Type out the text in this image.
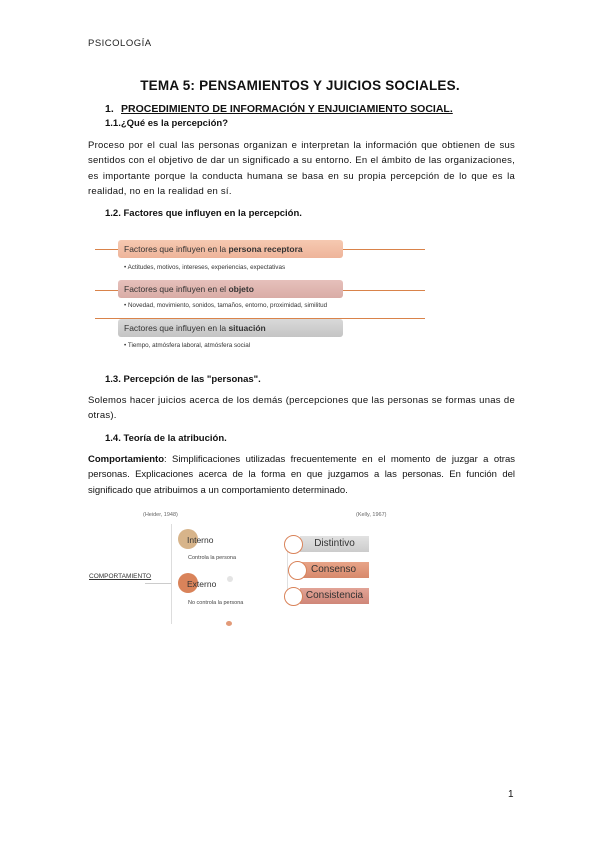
PSICOLOGÍA
TEMA 5: PENSAMIENTOS Y JUICIOS SOCIALES.
1. PROCEDIMIENTO DE INFORMACIÓN Y ENJUICIAMIENTO SOCIAL.
1.1.¿Qué es la percepción?
Proceso por el cual las personas organizan e interpretan la información que obtienen de sus sentidos con el objetivo de dar un significado a su entorno. En el ámbito de las organizaciones, es importante porque la conducta humana se basa en su propia percepción de lo que es la realidad, no en la realidad en sí.
1.2. Factores que influyen en la percepción.
Factores que influyen en la persona receptora
• Actitudes, motivos, intereses, experiencias, expectativas
Factores que influyen en el objeto
• Novedad, movimiento, sonidos, tamaños, entorno, proximidad, similitud
Factores que influyen en la situación
• Tiempo, atmósfera laboral, atmósfera social
1.3. Percepción de las "personas".
Solemos hacer juicios acerca de los demás (percepciones que las personas se formas unas de otras).
1.4. Teoría de la atribución.
Comportamiento: Simplificaciones utilizadas frecuentemente en el momento de juzgar a otras personas. Explicaciones acerca de la forma en que juzgamos a las personas. En función del significado que atribuimos a un comportamiento determinado.
(Heider, 1948)	(Kelly, 1967)
COMPORTAMIENTO
Interno
Controla la persona
Externo
No controla la persona
Distintivo
Consenso
Consistencia
1
